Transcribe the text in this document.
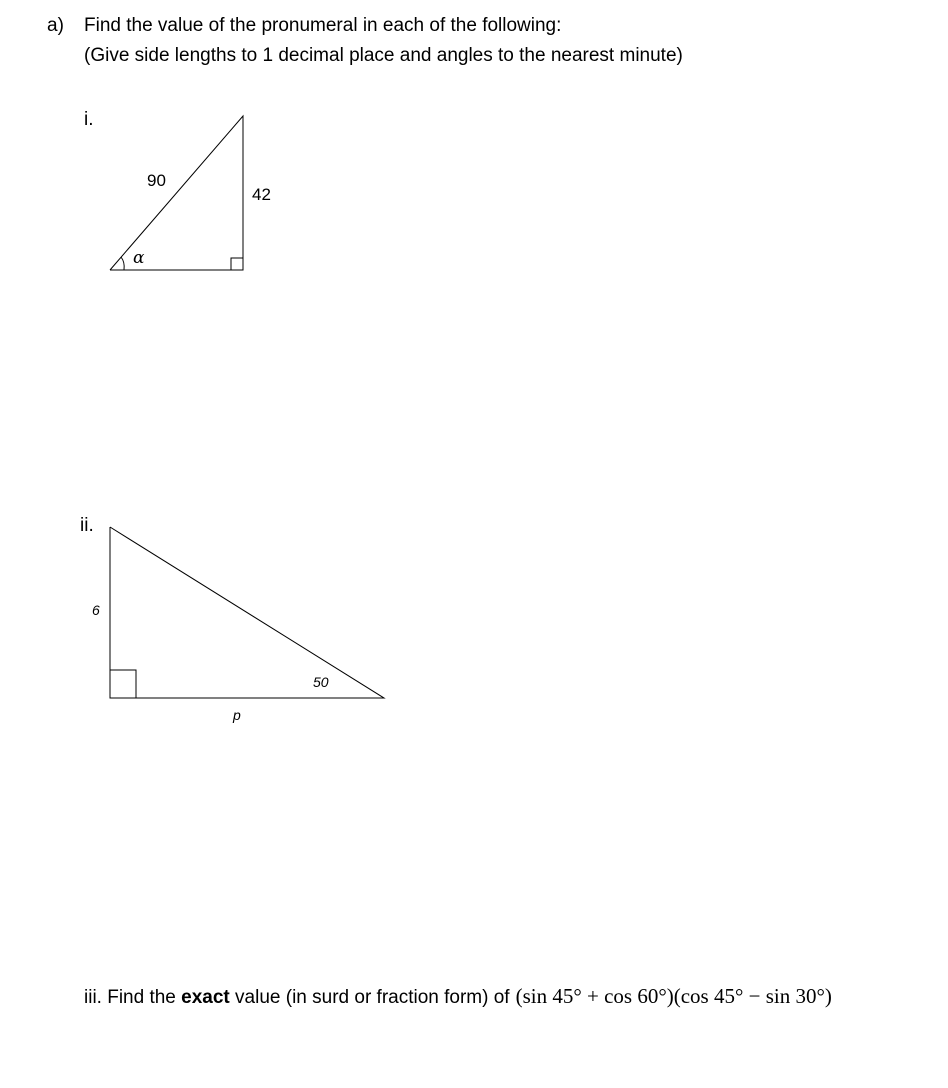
a) Find the value of the pronumeral in each of the following:
(Give side lengths to 1 decimal place and angles to the nearest minute)
i.
90
42
α
6
50
p
ii.
iii. Find the exact value (in surd or fraction form) of (sin 45° + cos 60°)(cos 45° − sin 30°)
